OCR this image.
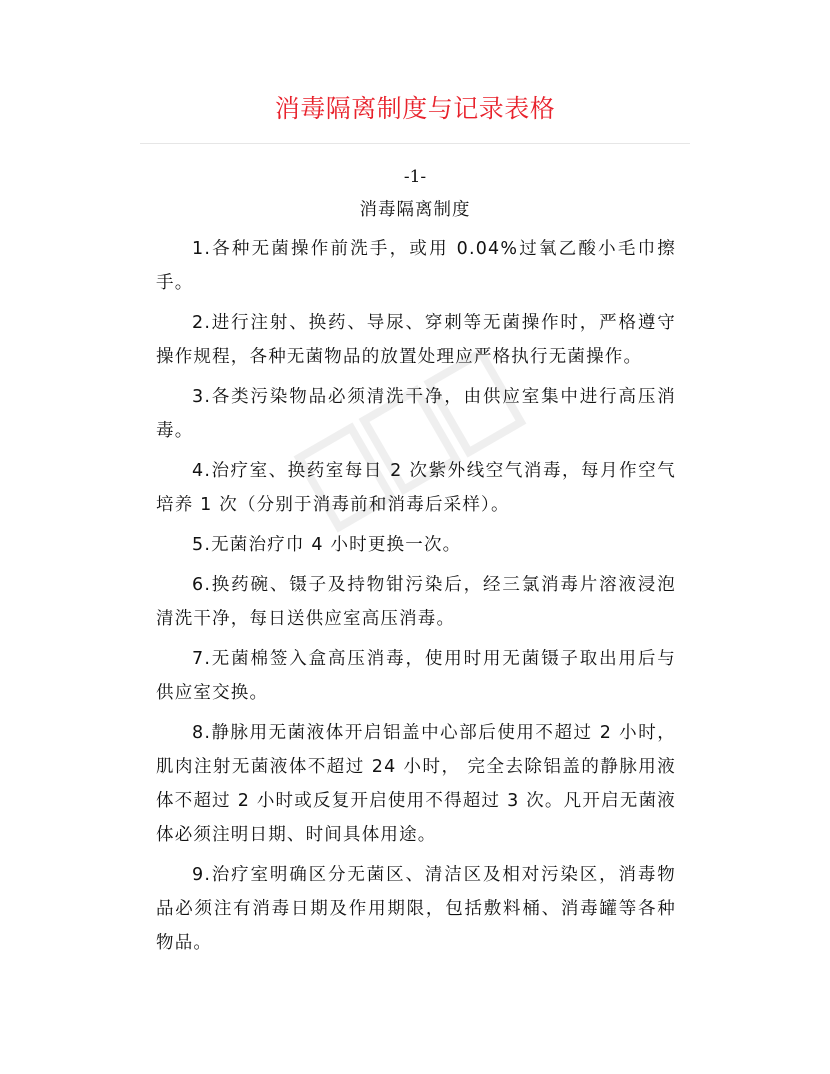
消毒隔离制度与记录表格
-1-
消毒隔离制度
1.各种无菌操作前洗手，或用 0.04%过氧乙酸小毛巾擦手。
2.进行注射、换药、导尿、穿刺等无菌操作时，严格遵守操作规程，各种无菌物品的放置处理应严格执行无菌操作。
3.各类污染物品必须清洗干净，由供应室集中进行高压消毒。
4.治疗室、换药室每日 2 次紫外线空气消毒，每月作空气培养 1 次（分别于消毒前和消毒后采样）。
5.无菌治疗巾 4 小时更换一次。
6.换药碗、镊子及持物钳污染后，经三氯消毒片溶液浸泡清洗干净，每日送供应室高压消毒。
7.无菌棉签入盒高压消毒，使用时用无菌镊子取出用后与供应室交换。
8.静脉用无菌液体开启铝盖中心部后使用不超过 2 小时， 肌肉注射无菌液体不超过 24 小时， 完全去除铝盖的静脉用液体不超过 2 小时或反复开启使用不得超过 3 次。凡开启无菌液体必须注明日期、时间具体用途。
9.治疗室明确区分无菌区、清洁区及相对污染区，消毒物品必须注有消毒日期及作用期限，包括敷料桶、消毒罐等各种物品。
